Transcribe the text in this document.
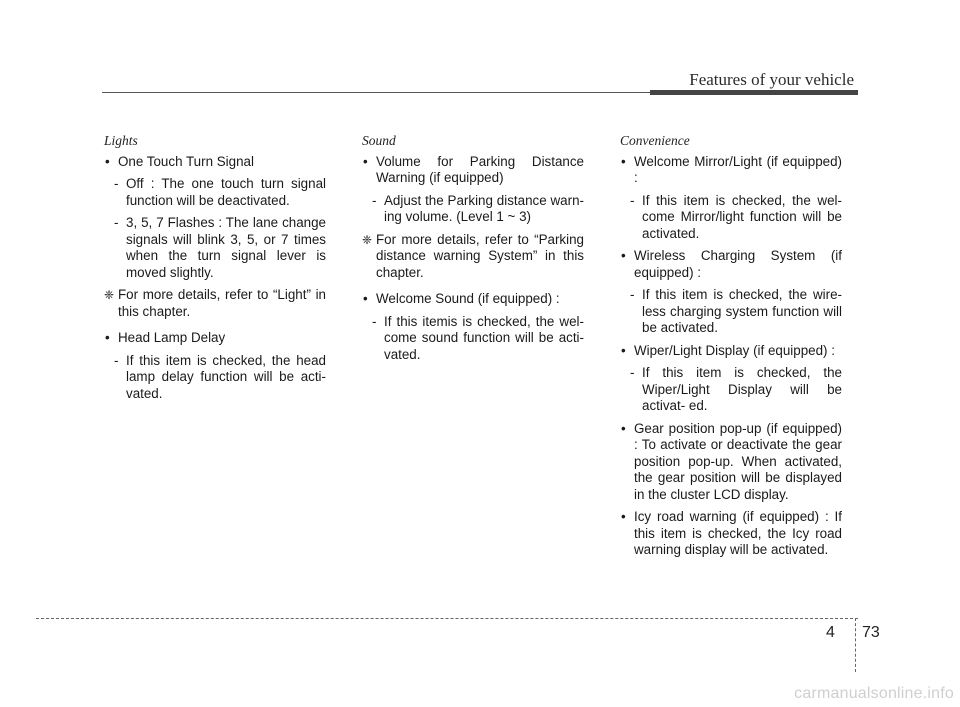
Features of your vehicle
Lights
• One Touch Turn Signal
- Off : The one touch turn signal function will be deactivated.
- 3, 5, 7 Flashes : The lane change signals will blink 3, 5, or 7 times when the turn signal lever is moved slightly.
❈ For more details, refer to “Light” in this chapter.
• Head Lamp Delay
- If this item is checked, the head lamp delay function will be acti- vated.
Sound
• Volume for Parking Distance Warning (if equipped)
- Adjust the Parking distance warn- ing volume. (Level 1 ~ 3)
❈ For more details, refer to “Parking distance warning System” in this chapter.
• Welcome Sound (if equipped) :
- If this itemis is checked, the wel- come sound function will be acti- vated.
Convenience
• Welcome Mirror/Light (if equipped) :
- If this item is checked, the wel- come Mirror/light function will be activated.
• Wireless Charging System (if equipped) :
- If this item is checked, the wire- less charging system function will be activated.
• Wiper/Light Display (if equipped) :
- If this item is checked, the Wiper/Light Display will be activat- ed.
• Gear position pop-up (if equipped) : To activate or deactivate the gear position pop-up. When activated, the gear position will be displayed in the cluster LCD display.
• Icy road warning (if equipped) : If this item is checked, the Icy road warning display will be activated.
4 73
carmanualsonline.info
